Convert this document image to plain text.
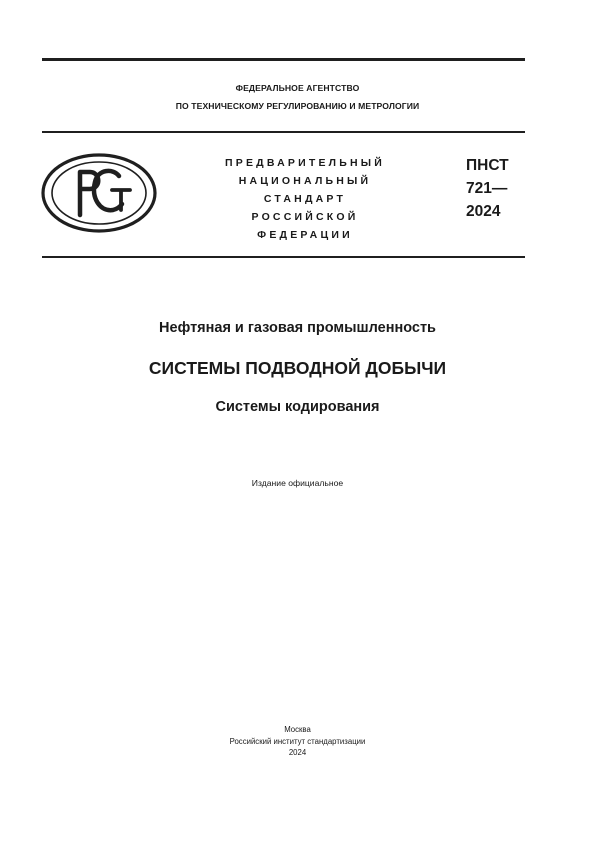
ФЕДЕРАЛЬНОЕ АГЕНТСТВО
ПО ТЕХНИЧЕСКОМУ РЕГУЛИРОВАНИЮ И МЕТРОЛОГИИ
ПРЕДВАРИТЕЛЬНЫЙ
НАЦИОНАЛЬНЫЙ
СТАНДАРТ
РОССИЙСКОЙ
ФЕДЕРАЦИИ
ПНСТ
721—
2024
Нефтяная и газовая промышленность
СИСТЕМЫ ПОДВОДНОЙ ДОБЫЧИ
Системы кодирования
Издание официальное
Москва
Российский институт стандартизации
2024
